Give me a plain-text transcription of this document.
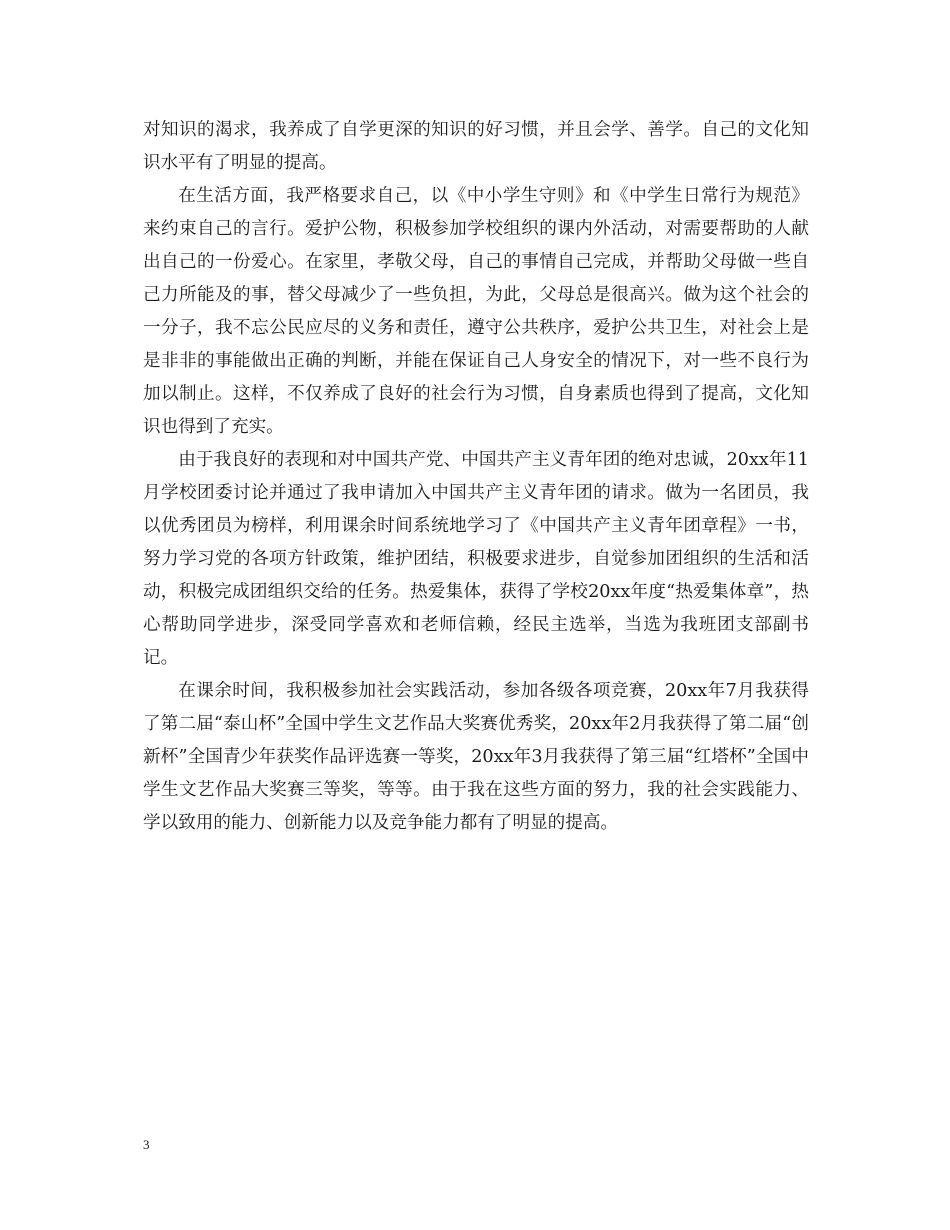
对知识的渴求，我养成了自学更深的知识的好习惯，并且会学、善学。自己的文化知识水平有了明显的提高。

在生活方面，我严格要求自己，以《中小学生守则》和《中学生日常行为规范》来约束自己的言行。爱护公物，积极参加学校组织的课内外活动，对需要帮助的人献出自己的一份爱心。在家里，孝敬父母，自己的事情自己完成，并帮助父母做一些自己力所能及的事，替父母减少了一些负担，为此，父母总是很高兴。做为这个社会的一分子，我不忘公民应尽的义务和责任，遵守公共秩序，爱护公共卫生，对社会上是是非非的事能做出正确的判断，并能在保证自己人身安全的情况下，对一些不良行为加以制止。这样，不仅养成了良好的社会行为习惯，自身素质也得到了提高，文化知识也得到了充实。

由于我良好的表现和对中国共产党、中国共产主义青年团的绝对忠诚，20xx年11月学校团委讨论并通过了我申请加入中国共产主义青年团的请求。做为一名团员，我以优秀团员为榜样，利用课余时间系统地学习了《中国共产主义青年团章程》一书，努力学习党的各项方针政策，维护团结，积极要求进步，自觉参加团组织的生活和活动，积极完成团组织交给的任务。热爱集体，获得了学校20xx年度“热爱集体章”，热心帮助同学进步，深受同学喜欢和老师信赖，经民主选举，当选为我班团支部副书记。

在课余时间，我积极参加社会实践活动，参加各级各项竞赛，20xx年7月我获得了第二届“泰山杯”全国中学生文艺作品大奖赛优秀奖，20xx年2月我获得了第二届“创新杯”全国青少年获奖作品评选赛一等奖，20xx年3月我获得了第三届“红塔杯”全国中学生文艺作品大奖赛三等奖，等等。由于我在这些方面的努力，我的社会实践能力、学以致用的能力、创新能力以及竞争能力都有了明显的提高。

3
